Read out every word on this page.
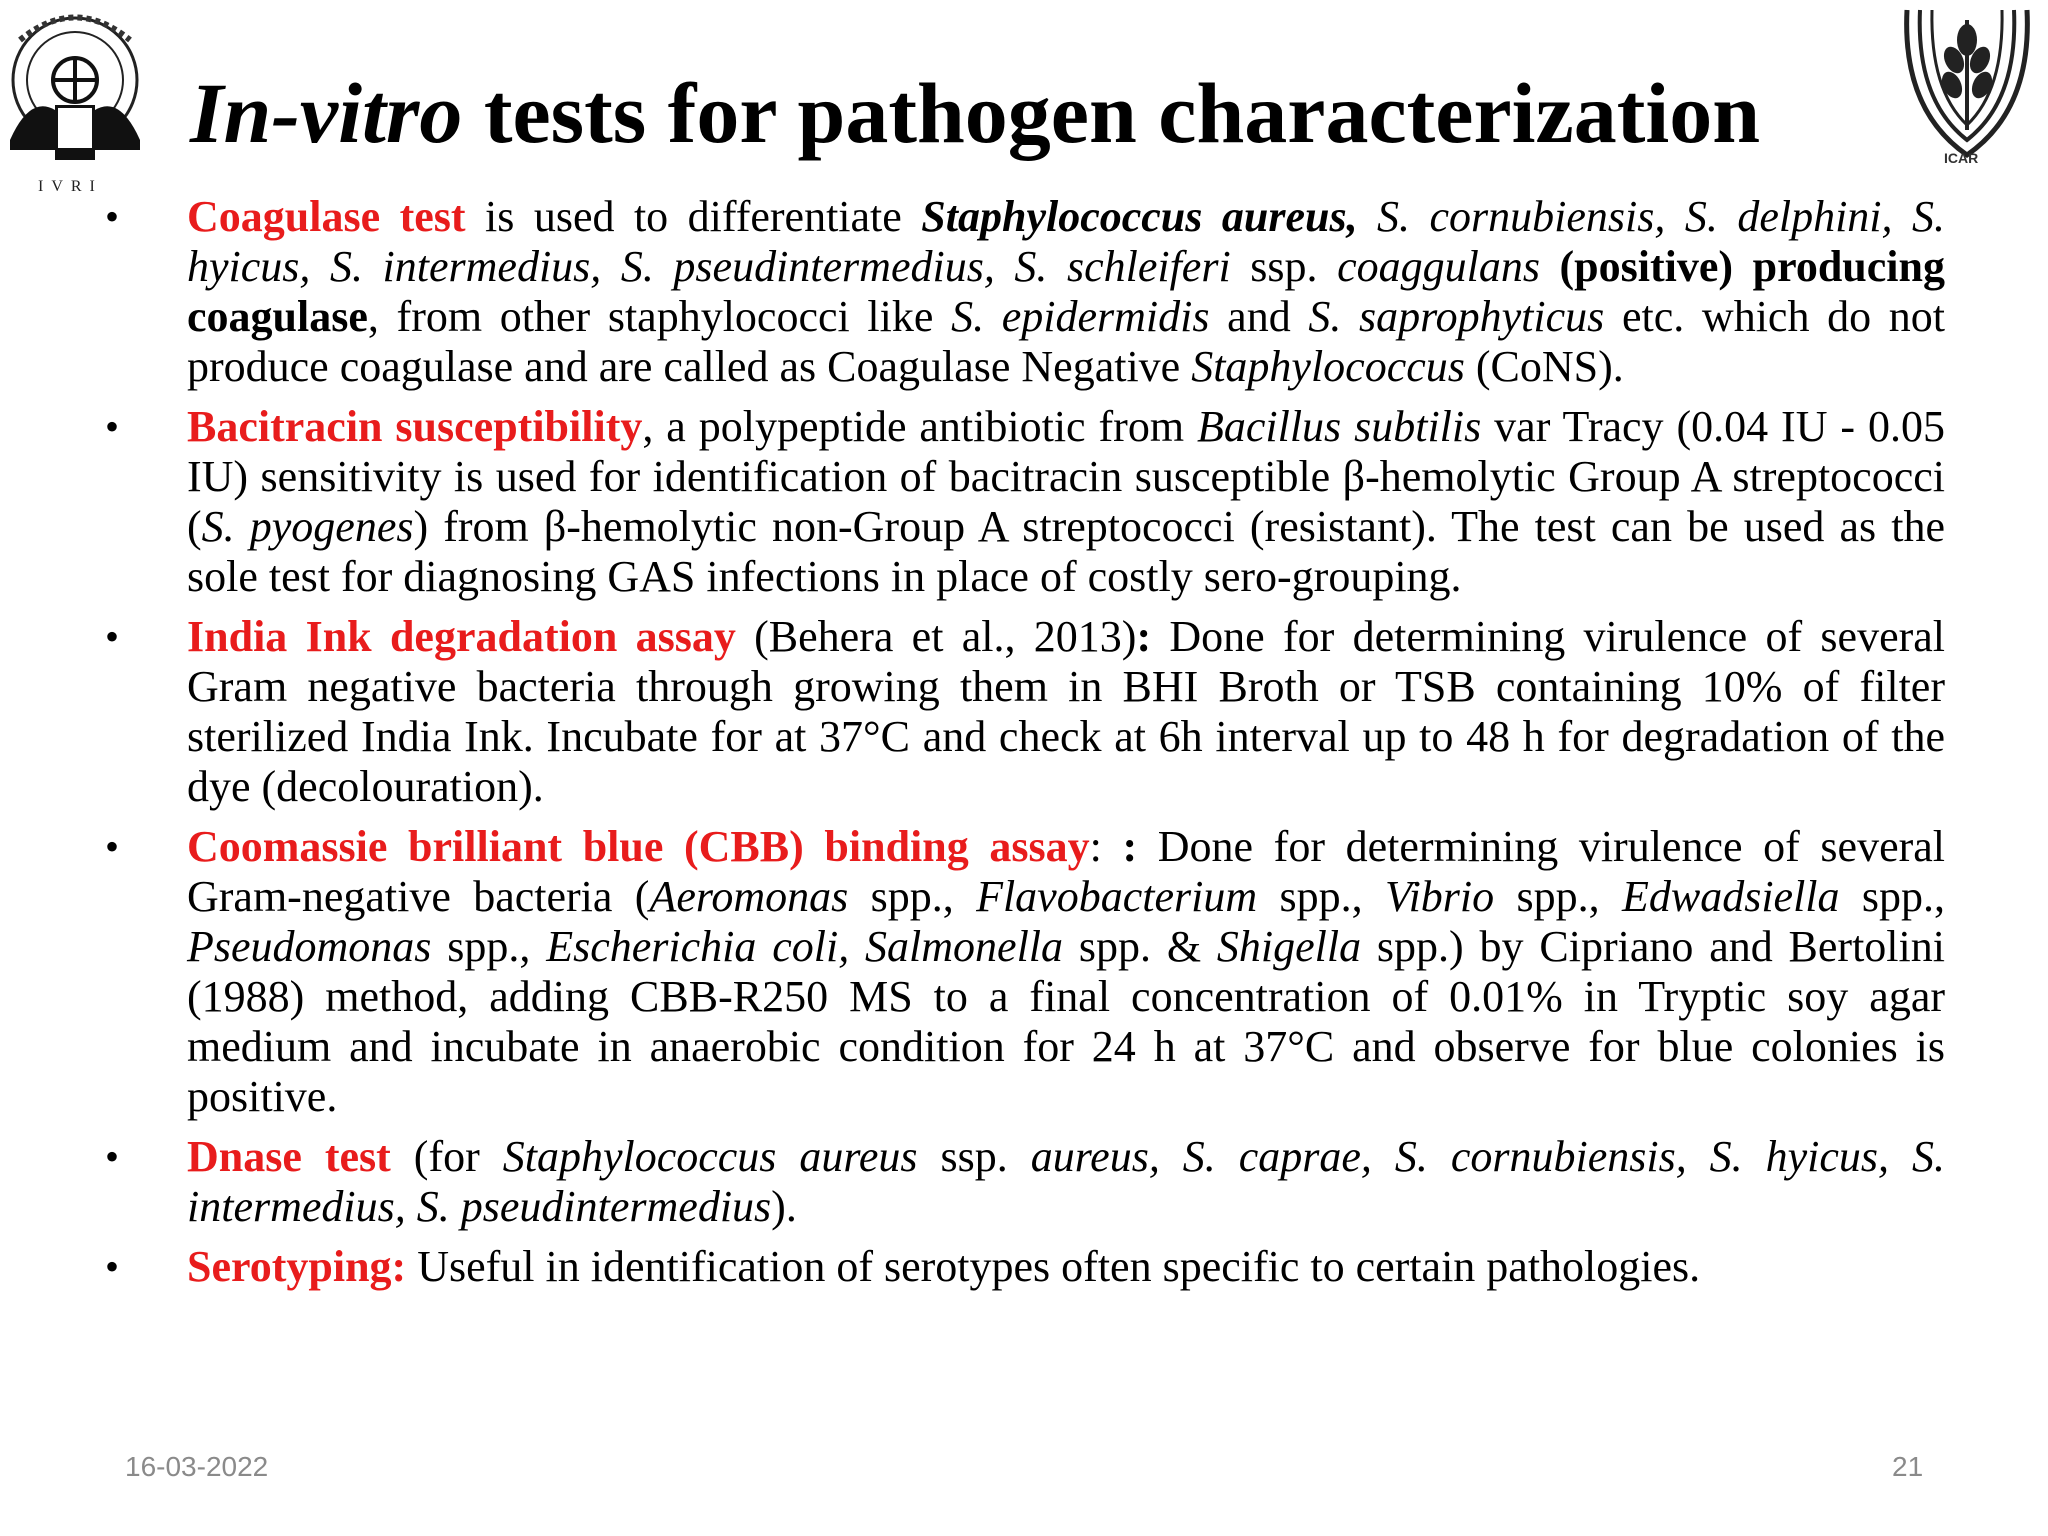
IVRI
ICAR
In-vitro tests for pathogen characterization
• Coagulase test is used to differentiate Staphylococcus aureus, S. cornubiensis, S. delphini, S. hyicus, S. intermedius, S. pseudintermedius, S. schleiferi ssp. coaggulans (positive) producing coagulase, from other staphylococci like S. epidermidis and S. saprophyticus etc. which do not produce coagulase and are called as Coagulase Negative Staphylococcus (CoNS).
• Bacitracin susceptibility, a polypeptide antibiotic from Bacillus subtilis var Tracy (0.04 IU - 0.05 IU) sensitivity is used for identification of bacitracin susceptible β-hemolytic Group A streptococci (S. pyogenes) from β-hemolytic non-Group A streptococci (resistant). The test can be used as the sole test for diagnosing GAS infections in place of costly sero-grouping.
• India Ink degradation assay (Behera et al., 2013): Done for determining virulence of several Gram negative bacteria through growing them in BHI Broth or TSB containing 10% of filter sterilized India Ink. Incubate for at 37°C and check at 6h interval up to 48 h for degradation of the dye (decolouration).
• Coomassie brilliant blue (CBB) binding assay: : Done for determining virulence of several Gram-negative bacteria (Aeromonas spp., Flavobacterium spp., Vibrio spp., Edwadsiella spp., Pseudomonas spp., Escherichia coli, Salmonella spp. & Shigella spp.) by Cipriano and Bertolini (1988) method, adding CBB-R250 MS to a final concentration of 0.01% in Tryptic soy agar medium and incubate in anaerobic condition for 24 h at 37°C and observe for blue colonies is positive.
• Dnase test (for Staphylococcus aureus ssp. aureus, S. caprae, S. cornubiensis, S. hyicus, S. intermedius, S. pseudintermedius).
• Serotyping: Useful in identification of serotypes often specific to certain pathologies.
16-03-2022	21
